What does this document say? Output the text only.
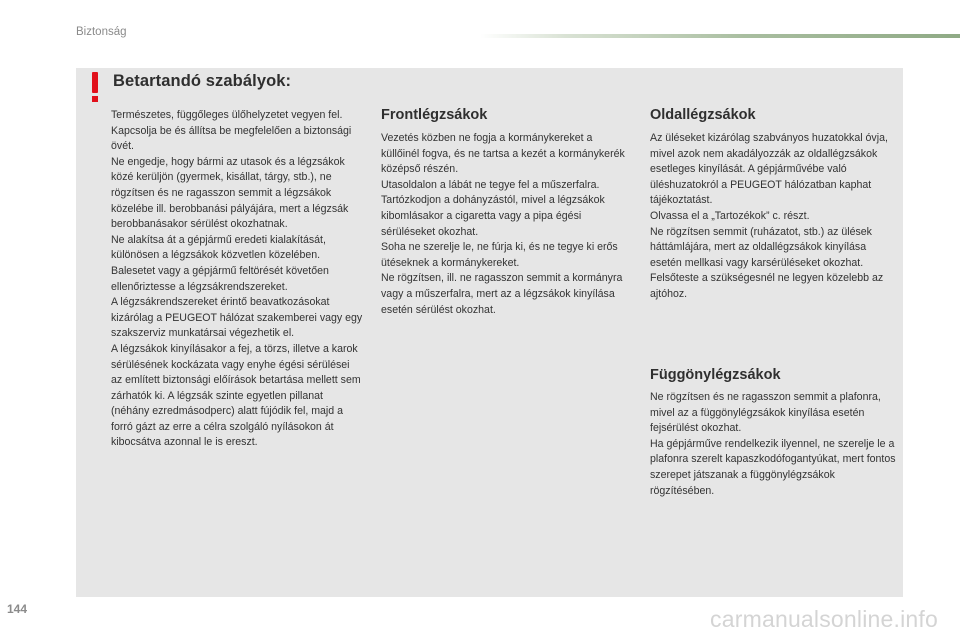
Biztonság
Betartandó szabályok:

Természetes, függőleges ülőhelyzetet vegyen fel.

Kapcsolja be és állítsa be megfelelően a biztonsági övét.

Ne engedje, hogy bármi az utasok és a légzsákok közé kerüljön (gyermek, kisállat, tárgy, stb.), ne rögzítsen és ne ragasszon semmit a légzsákok közelébe ill. berobbanási pályájára, mert a légzsák berobbanásakor sérülést okozhatnak.

Ne alakítsa át a gépjármű eredeti kialakítását, különösen a légzsákok közvetlen közelében.

Balesetet vagy a gépjármű feltörését követően ellenőriztesse a légzsákrendszereket.

A légzsákrendszereket érintő beavatkozásokat kizárólag a PEUGEOT hálózat szakemberei vagy egy szakszerviz munkatársai végezhetik el.

A légzsákok kinyílásakor a fej, a törzs, illetve a karok sérülésének kockázata vagy enyhe égési sérülései az említett biztonsági előírások betartása mellett sem zárhatók ki. A légzsák szinte egyetlen pillanat (néhány ezredmásodperc) alatt fújódik fel, majd a forró gázt az erre a célra szolgáló nyílásokon át kibocsátva azonnal le is ereszt.

Frontlégzsákok

Vezetés közben ne fogja a kormánykereket a küllőinél fogva, és ne tartsa a kezét a kormánykerék középső részén.

Utasoldalon a lábát ne tegye fel a műszerfalra.

Tartózkodjon a dohányzástól, mivel a légzsákok kibomlásakor a cigaretta vagy a pipa égési sérüléseket okozhat.

Soha ne szerelje le, ne fúrja ki, és ne tegye ki erős ütéseknek a kormánykereket.

Ne rögzítsen, ill. ne ragasszon semmit a kormányra vagy a műszerfalra, mert az a légzsákok kinyílása esetén sérülést okozhat.

Oldallégzsákok

Az üléseket kizárólag szabványos huzatokkal óvja, mivel azok nem akadályozzák az oldallégzsákok esetleges kinyílását. A gépjárművébe való üléshuzatokról a PEUGEOT hálózatban kaphat tájékoztatást.

Olvassa el a „Tartozékok” c. részt.

Ne rögzítsen semmit (ruházatot, stb.) az ülések háttámlájára, mert az oldallégzsákok kinyílása esetén mellkasi vagy karsérüléseket okozhat.

Felsőteste a szükségesnél ne legyen közelebb az ajtóhoz.

Függönylégzsákok

Ne rögzítsen és ne ragasszon semmit a plafonra, mivel az a függönylégzsákok kinyílása esetén fejsérülést okozhat.

Ha gépjárműve rendelkezik ilyennel, ne szerelje le a plafonra szerelt kapaszkodófogantyúkat, mert fontos szerepet játszanak a függönylégzsákok rögzítésében.

144	carmanualsonline.info
